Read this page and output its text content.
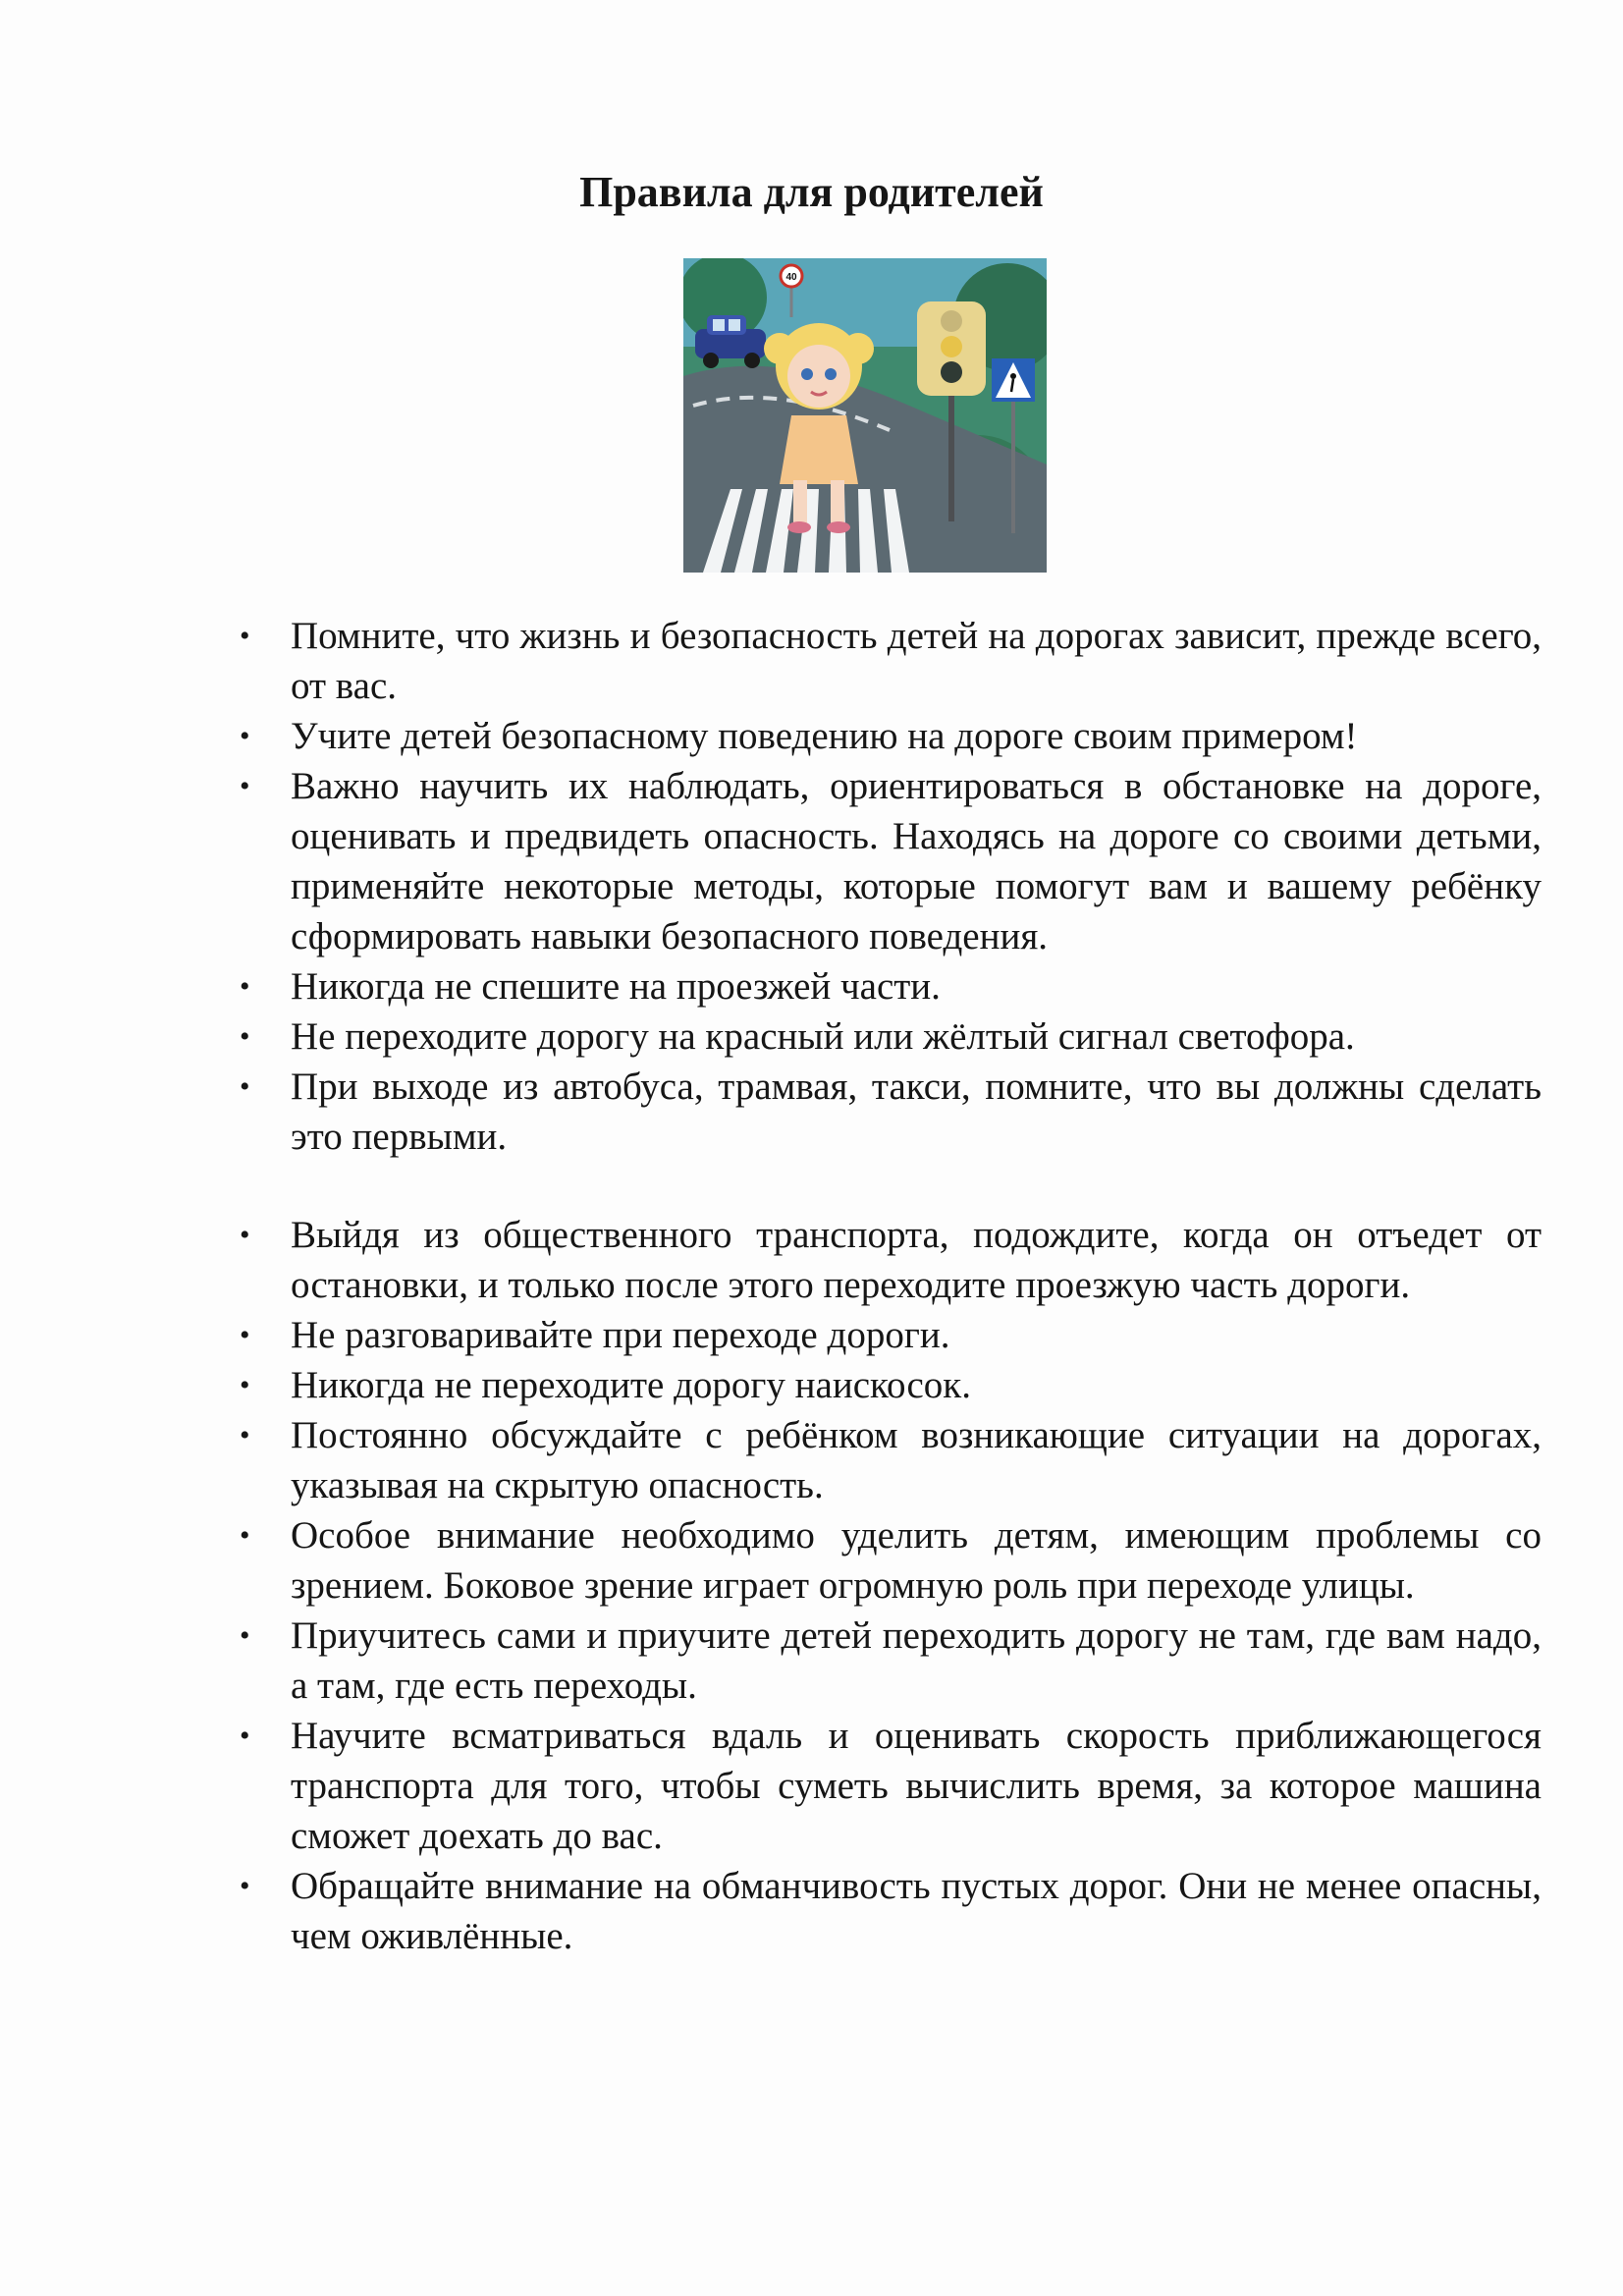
Правила для родителей
40
• Помните, что жизнь и безопасность детей на дорогах зависит, прежде всего, от вас.
• Учите детей безопасному поведению на дороге своим примером!
• Важно научить их наблюдать, ориентироваться в обстановке на дороге, оценивать и предвидеть опасность. Находясь на дороге со своими детьми, применяйте некоторые методы, которые помогут вам и вашему ребёнку сформировать навыки безопасного поведения.
• Никогда не спешите на проезжей части.
• Не переходите дорогу на красный или жёлтый сигнал светофора.
• При выходе из автобуса, трамвая, такси, помните, что вы должны сделать это первыми.
• Выйдя из общественного транспорта, подождите, когда он отъедет от остановки, и только после этого переходите проезжую часть дороги.
• Не разговаривайте при переходе дороги.
• Никогда не переходите дорогу наискосок.
• Постоянно обсуждайте с ребёнком возникающие ситуации на дорогах, указывая на скрытую опасность.
• Особое внимание необходимо уделить детям, имеющим проблемы со зрением. Боковое зрение играет огромную роль при переходе улицы.
• Приучитесь сами и приучите детей переходить дорогу не там, где вам надо, а там, где есть переходы.
• Научите всматриваться вдаль и оценивать скорость приближающегося транспорта для того, чтобы суметь вычислить время, за которое машина сможет доехать до вас.
• Обращайте внимание на обманчивость пустых дорог. Они не менее опасны, чем оживлённые.
